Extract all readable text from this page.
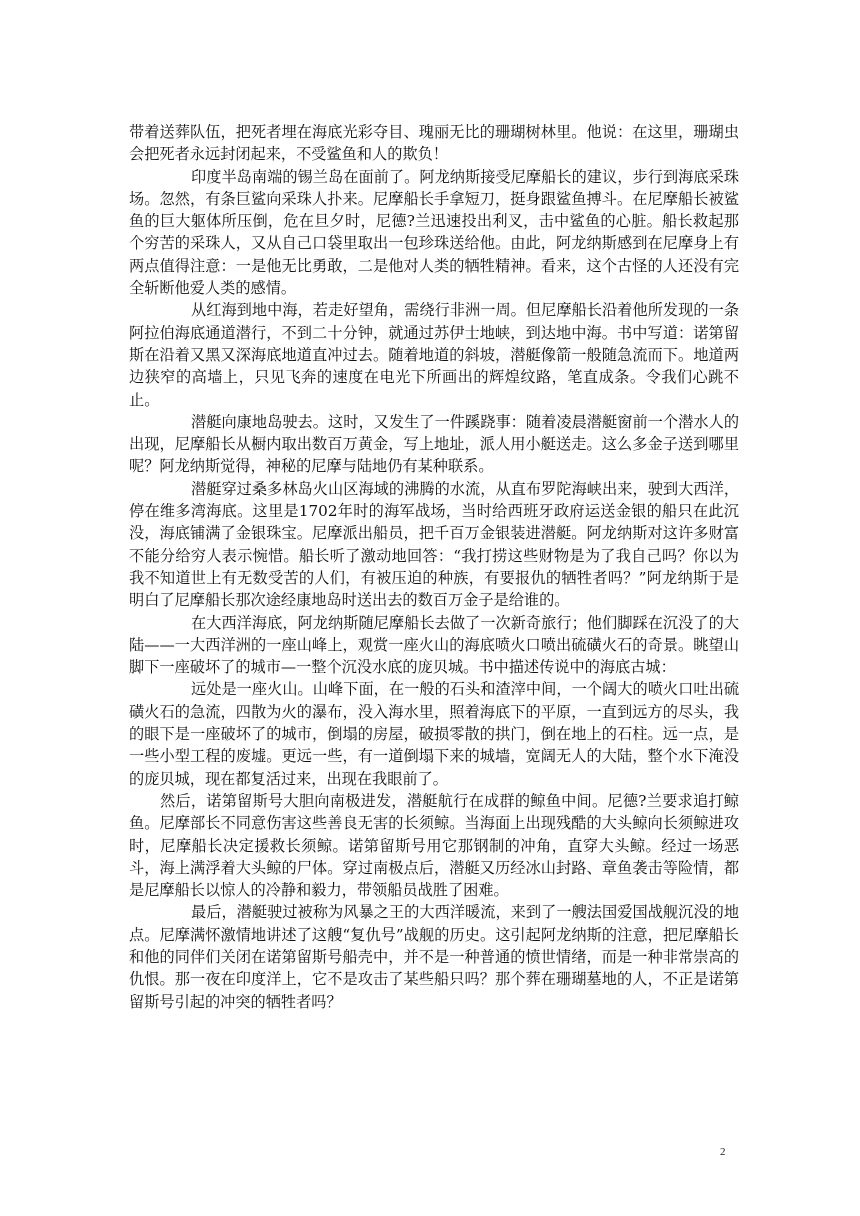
带着送葬队伍，把死者埋在海底光彩夺目、瑰丽无比的珊瑚树林里。他说：在这里，珊瑚虫会把死者永远封闭起来，不受鲨鱼和人的欺负！

印度半岛南端的锡兰岛在面前了。阿龙纳斯接受尼摩船长的建议，步行到海底采珠场。忽然，有条巨鲨向采珠人扑来。尼摩船长手拿短刀，挺身跟鲨鱼搏斗。在尼摩船长被鲨鱼的巨大躯体所压倒，危在旦夕时，尼德?兰迅速投出利叉，击中鲨鱼的心脏。船长救起那个穷苦的采珠人，又从自己口袋里取出一包珍珠送给他。由此，阿龙纳斯感到在尼摩身上有两点值得注意：一是他无比勇敢，二是他对人类的牺牲精神。看来，这个古怪的人还没有完全斩断他爱人类的感情。

从红海到地中海，若走好望角，需绕行非洲一周。但尼摩船长沿着他所发现的一条阿拉伯海底通道潜行，不到二十分钟，就通过苏伊士地峡，到达地中海。书中写道：诺第留斯在沿着又黑又深海底地道直冲过去。随着地道的斜坡，潜艇像箭一般随急流而下。地道两边狭窄的高墙上，只见飞奔的速度在电光下所画出的辉煌纹路，笔直成条。令我们心跳不止。

潜艇向康地岛驶去。这时，又发生了一件蹊跷事：随着凌晨潜艇窗前一个潜水人的出现，尼摩船长从橱内取出数百万黄金，写上地址，派人用小艇送走。这么多金子送到哪里呢？阿龙纳斯觉得，神秘的尼摩与陆地仍有某种联系。

潜艇穿过桑多林岛火山区海域的沸腾的水流，从直布罗陀海峡出来，驶到大西洋，停在维多湾海底。这里是1702年时的海军战场，当时给西班牙政府运送金银的船只在此沉没，海底铺满了金银珠宝。尼摩派出船员，把千百万金银装进潜艇。阿龙纳斯对这许多财富不能分给穷人表示惋惜。船长听了激动地回答：“我打捞这些财物是为了我自己吗？你以为我不知道世上有无数受苦的人们，有被压迫的种族，有要报仇的牺牲者吗？”阿龙纳斯于是明白了尼摩船长那次途经康地岛时送出去的数百万金子是给谁的。

在大西洋海底，阿龙纳斯随尼摩船长去做了一次新奇旅行；他们脚踩在沉没了的大陆——一大西洋洲的一座山峰上，观赏一座火山的海底喷火口喷出硫磺火石的奇景。眺望山脚下一座破坏了的城市—一整个沉没水底的庞贝城。书中描述传说中的海底古城：

远处是一座火山。山峰下面，在一般的石头和渣滓中间，一个阔大的喷火口吐出硫磺火石的急流，四散为火的瀑布，没入海水里，照着海底下的平原，一直到远方的尽头，我的眼下是一座破坏了的城市，倒塌的房屋，破损零散的拱门，倒在地上的石柱。远一点，是一些小型工程的废墟。更远一些，有一道倒塌下来的城墙，宽阔无人的大陆，整个水下淹没的庞贝城，现在都复活过来，出现在我眼前了。

然后，诺第留斯号大胆向南极进发，潜艇航行在成群的鲸鱼中间。尼德?兰要求追打鲸鱼。尼摩部长不同意伤害这些善良无害的长须鲸。当海面上出现残酷的大头鲸向长须鲸进攻时，尼摩船长决定援救长须鲸。诺第留斯号用它那钢制的冲角，直穿大头鲸。经过一场恶斗，海上满浮着大头鲸的尸体。穿过南极点后，潜艇又历经冰山封路、章鱼袭击等险情，都是尼摩船长以惊人的冷静和毅力，带领船员战胜了困难。

最后，潜艇驶过被称为风暴之王的大西洋暖流，来到了一艘法国爱国战舰沉没的地点。尼摩满怀激情地讲述了这艘“复仇号”战舰的历史。这引起阿龙纳斯的注意，把尼摩船长和他的同伴们关闭在诺第留斯号船壳中，并不是一种普通的愤世情绪，而是一种非常崇高的仇恨。那一夜在印度洋上，它不是攻击了某些船只吗？那个葬在珊瑚墓地的人，不正是诺第留斯号引起的冲突的牺牲者吗？

2
